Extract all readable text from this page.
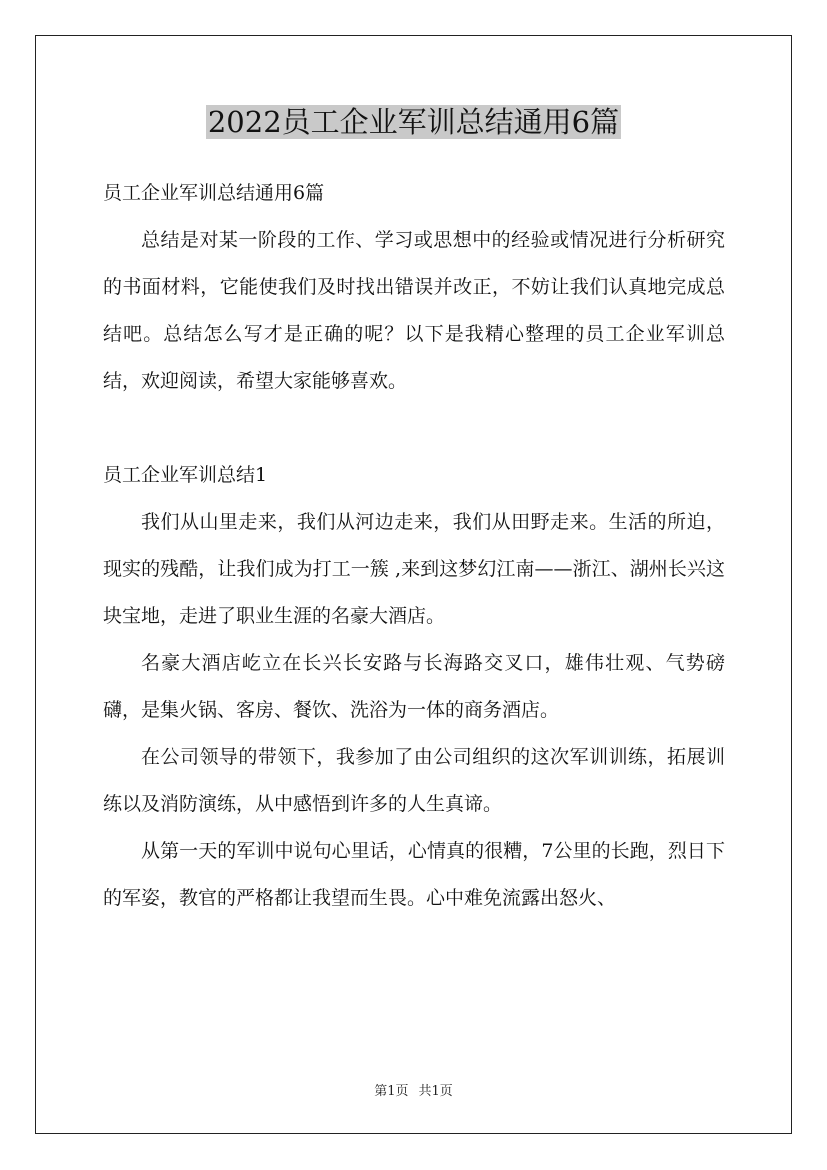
2022员工企业军训总结通用6篇

员工企业军训总结通用6篇

总结是对某一阶段的工作、学习或思想中的经验或情况进行分析研究的书面材料，它能使我们及时找出错误并改正，不妨让我们认真地完成总结吧。总结怎么写才是正确的呢？以下是我精心整理的员工企业军训总结，欢迎阅读，希望大家能够喜欢。

员工企业军训总结1

我们从山里走来，我们从河边走来，我们从田野走来。生活的所迫，现实的残酷，让我们成为打工一簇 ,来到这梦幻江南——浙江、湖州长兴这块宝地，走进了职业生涯的名豪大酒店。

名豪大酒店屹立在长兴长安路与长海路交叉口，雄伟壮观、气势磅礴，是集火锅、客房、餐饮、洗浴为一体的商务酒店。

在公司领导的带领下，我参加了由公司组织的这次军训训练，拓展训练以及消防演练，从中感悟到许多的人生真谛。

从第一天的军训中说句心里话，心情真的很糟，7公里的长跑，烈日下的军姿，教官的严格都让我望而生畏。心中难免流露出怒火、

第1页 共1页
